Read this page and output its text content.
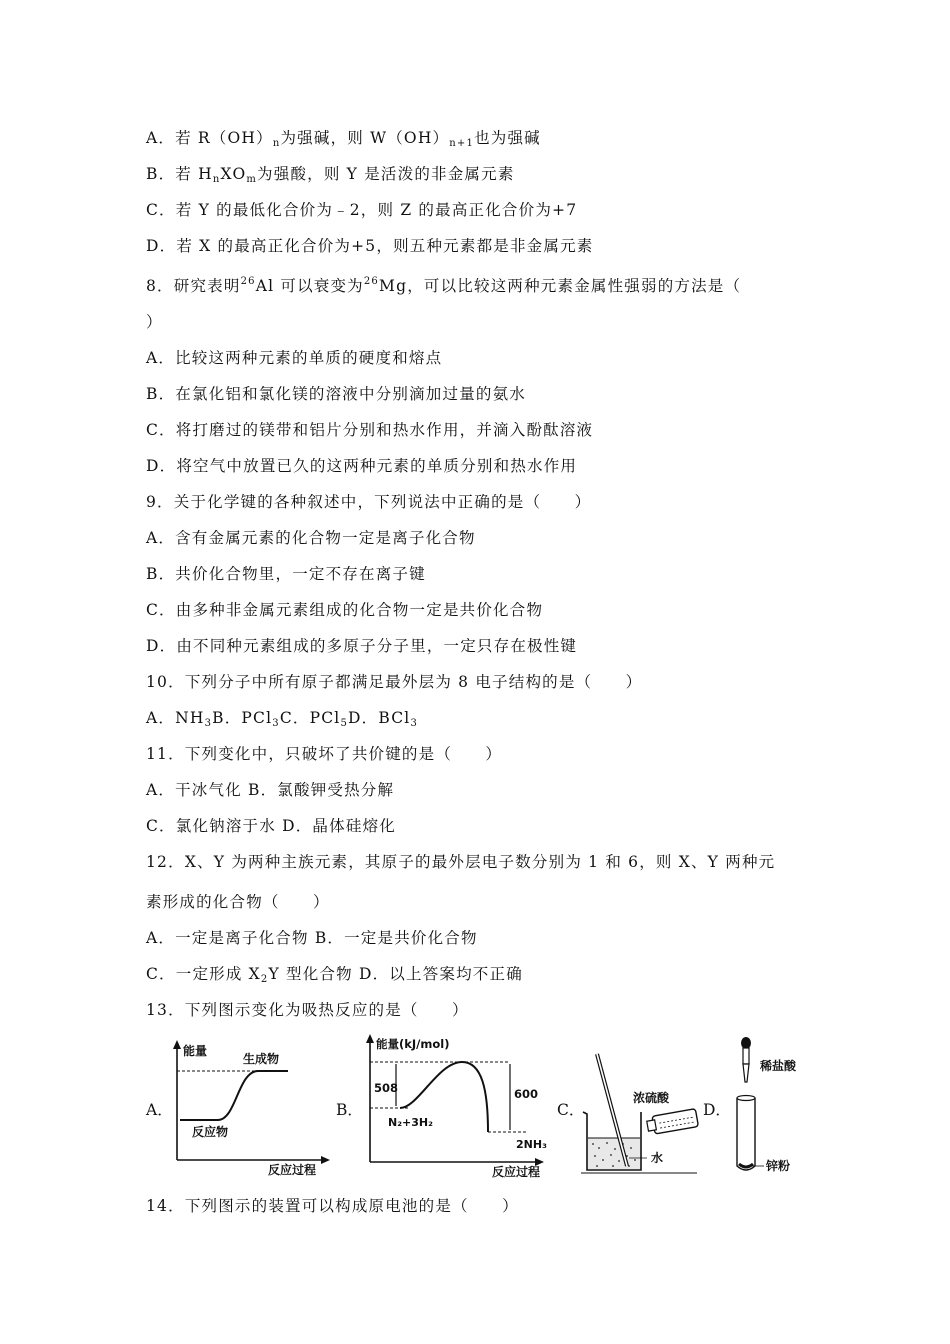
A．若 $R(OH)_n$为强碱，则 $W(OH)_{n+1}$也为强碱
B．若 $H_nXO_m$为强酸，则 Y 是活泼的非金属元素
C．若 Y 的最低化合价为﹣2，则 Z 的最高正化合价为+7
D．若 X 的最高正化合价为+5，则五种元素都是非金属元素
8．研究表明$^{26}$Al 可以衰变为$^{26}$Mg，可以比较这两种元素金属性强弱的方法是（
）
A．比较这两种元素的单质的硬度和熔点
B．在氯化铝和氯化镁的溶液中分别滴加过量的氨水
C．将打磨过的镁带和铝片分别和热水作用，并滴入酚酞溶液
D．将空气中放置已久的这两种元素的单质分别和热水作用
9．关于化学键的各种叙述中，下列说法中正确的是（　　）
A．含有金属元素的化合物一定是离子化合物
B．共价化合物里，一定不存在离子键
C．由多种非金属元素组成的化合物一定是共价化合物
D．由不同种元素组成的多原子分子里，一定只存在极性键
10．下列分子中所有原子都满足最外层为 8 电子结构的是（　　）
A．$NH_3B$．PCl$_3$C．PCl$_5$D．BCl$_3$
11．下列变化中，只破坏了共价键的是（　　）
A．干冰气化 B．氯酸钾受热分解
C．氯化钠溶于水 D．晶体硅熔化
12．X、Y 为两种主族元素，其原子的最外层电子数分别为 1 和 6，则 X、Y 两种元
素形成的化合物（　　）
A．一定是离子化合物 B．一定是共价化合物
C．一定形成 $X_2Y$ 型化合物 D．以上答案均不正确
13．下列图示变化为吸热反应的是（　　）
A．	B．	C．	D．
能量
生成物
反应物
反应过程
能量(kJ/mol)
508	600
N₂+3H₂
2NH₃
反应过程
浓硫酸
水
稀盐酸
锌粉
14．下列图示的装置可以构成原电池的是（　　）
